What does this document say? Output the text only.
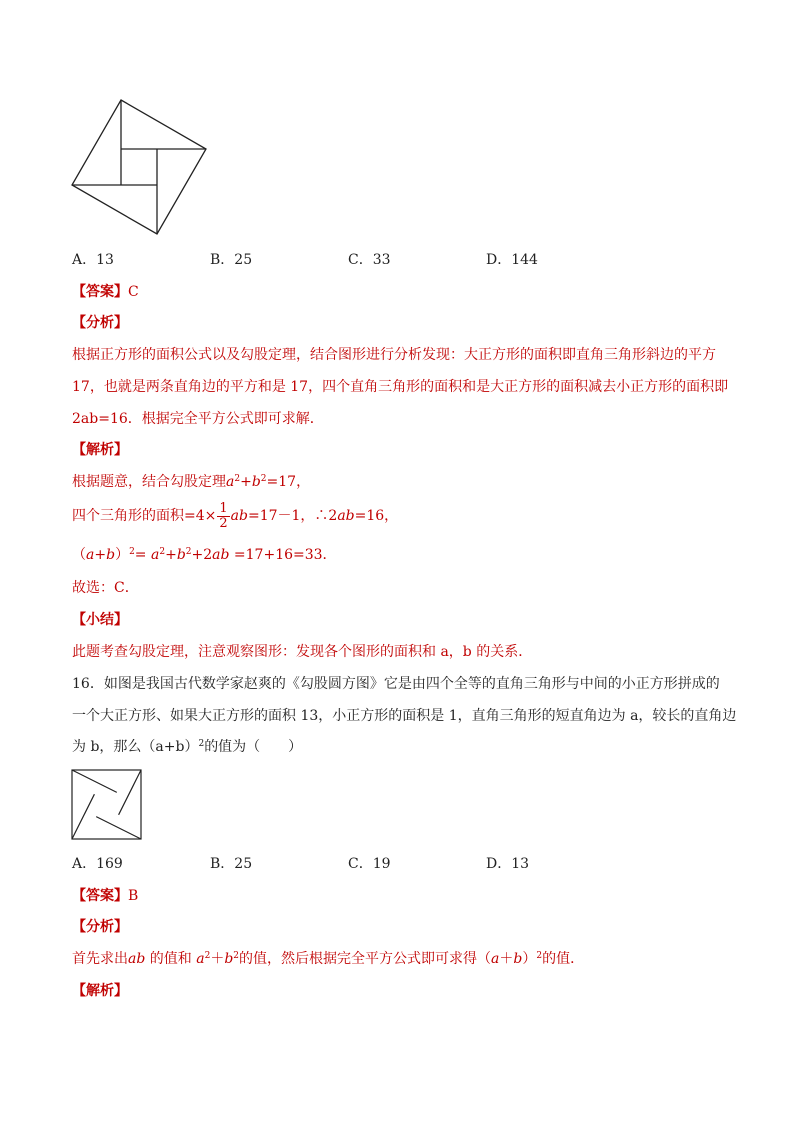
A．13	B．25	C．33	D．144
【答案】C
【分析】
根据正方形的面积公式以及勾股定理，结合图形进行分析发现：大正方形的面积即直角三角形斜边的平方
17，也就是两条直角边的平方和是 17，四个直角三角形的面积和是大正方形的面积减去小正方形的面积即
2ab=16．根据完全平方公式即可求解．
【解析】
根据题意，结合勾股定理$a^2+b^2=17$，
四个三角形的面积$=4\times \frac{1}{2} ab=17-1$，∴2ab=16，
$(a+b)^2= a^2+b^2+2ab =17+16=33$．
故选：C．
【小结】
此题考查勾股定理，注意观察图形：发现各个图形的面积和 a，b 的关系．
16．如图是我国古代数学家赵爽的《勾股圆方图》它是由四个全等的直角三角形与中间的小正方形拼成的
一个大正方形、如果大正方形的面积 13，小正方形的面积是 1，直角三角形的短直角边为 a，较长的直角边
为 b，那么$(a+b)^2$的值为（　　）
A．169	B．25	C．19	D．13
【答案】B
【分析】
首先求出ab 的值和 $a^2+b^2$的值，然后根据完全平方公式即可求得$(a+b)^2$的值．
【解析】
